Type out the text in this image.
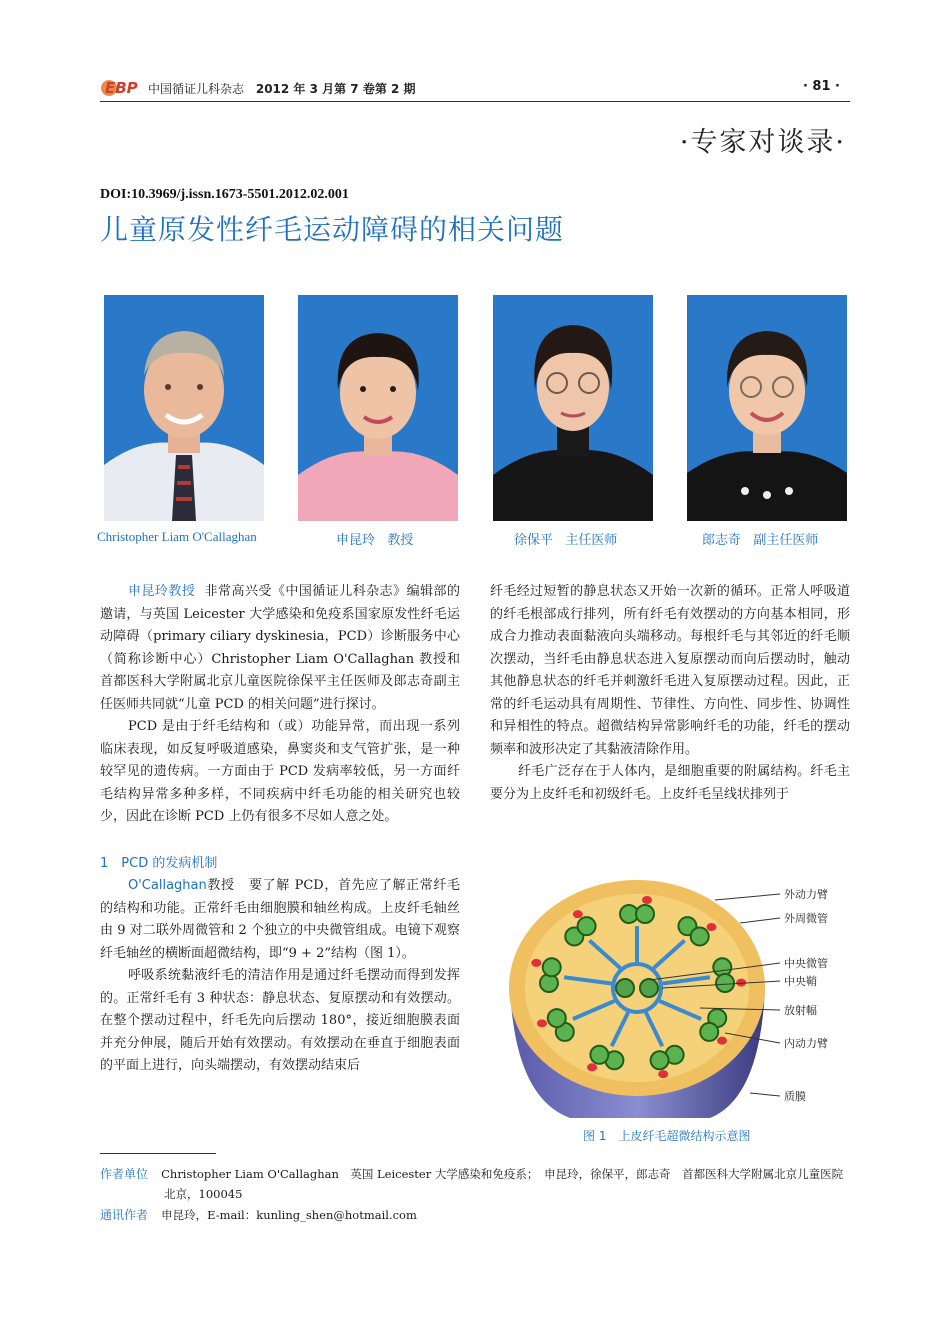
EBP 中国循证儿科杂志 2012 年 3 月第 7 卷第 2 期	· 81 ·
·专家对谈录·
DOI:10.3969/j.issn.1673-5501.2012.02.001
儿童原发性纤毛运动障碍的相关问题
Christopher Liam O'Callaghan	申昆玲 教授	徐保平 主任医师	郎志奇 副主任医师

申昆玲教授 非常高兴受《中国循证儿科杂志》编辑部的邀请，与英国 Leicester 大学感染和免疫系国家原发性纤毛运动障碍（primary ciliary dyskinesia，PCD）诊断服务中心（简称诊断中心）Christopher Liam O'Callaghan 教授和首都医科大学附属北京儿童医院徐保平主任医师及郎志奇副主任医师共同就“儿童 PCD 的相关问题”进行探讨。

PCD 是由于纤毛结构和（或）功能异常，而出现一系列临床表现，如反复呼吸道感染，鼻窦炎和支气管扩张，是一种较罕见的遗传病。一方面由于 PCD 发病率较低，另一方面纤毛结构异常多种多样，不同疾病中纤毛功能的相关研究也较少，因此在诊断 PCD 上仍有很多不尽如人意之处。

1　PCD 的发病机制

O'Callaghan教授 要了解 PCD，首先应了解正常纤毛的结构和功能。正常纤毛由细胞膜和轴丝构成。上皮纤毛轴丝由 9 对二联外周微管和 2 个独立的中央微管组成。电镜下观察纤毛轴丝的横断面超微结构，即“9 + 2”结构（图 1）。

呼吸系统黏液纤毛的清洁作用是通过纤毛摆动而得到发挥的。正常纤毛有 3 种状态：静息状态、复原摆动和有效摆动。在整个摆动过程中，纤毛先向后摆动 180°，接近细胞膜表面并充分伸展，随后开始有效摆动。有效摆动在垂直于细胞表面的平面上进行，向头端摆动，有效摆动结束后

纤毛经过短暂的静息状态又开始一次新的循环。正常人呼吸道的纤毛根部成行排列，所有纤毛有效摆动的方向基本相同，形成合力推动表面黏液向头端移动。每根纤毛与其邻近的纤毛顺次摆动，当纤毛由静息状态进入复原摆动而向后摆动时，触动其他静息状态的纤毛并刺激纤毛进入复原摆动过程。因此，正常的纤毛运动具有周期性、节律性、方向性、同步性、协调性和异相性的特点。超微结构异常影响纤毛的功能，纤毛的摆动频率和波形决定了其黏液清除作用。

纤毛广泛存在于人体内，是细胞重要的附属结构。纤毛主要分为上皮纤毛和初级纤毛。上皮纤毛呈线状排列于

外动力臂
外周微管
中央微管
中央鞘
放射幅
内动力臂
质膜
图 1　上皮纤毛超微结构示意图
作者单位 Christopher Liam O'Callaghan　英国 Leicester 大学感染和免疫系；　申昆玲，徐保平，郎志奇　首都医科大学附属北京儿童医院
北京，100045
通讯作者 申昆玲，E-mail：kunling_shen@hotmail.com
